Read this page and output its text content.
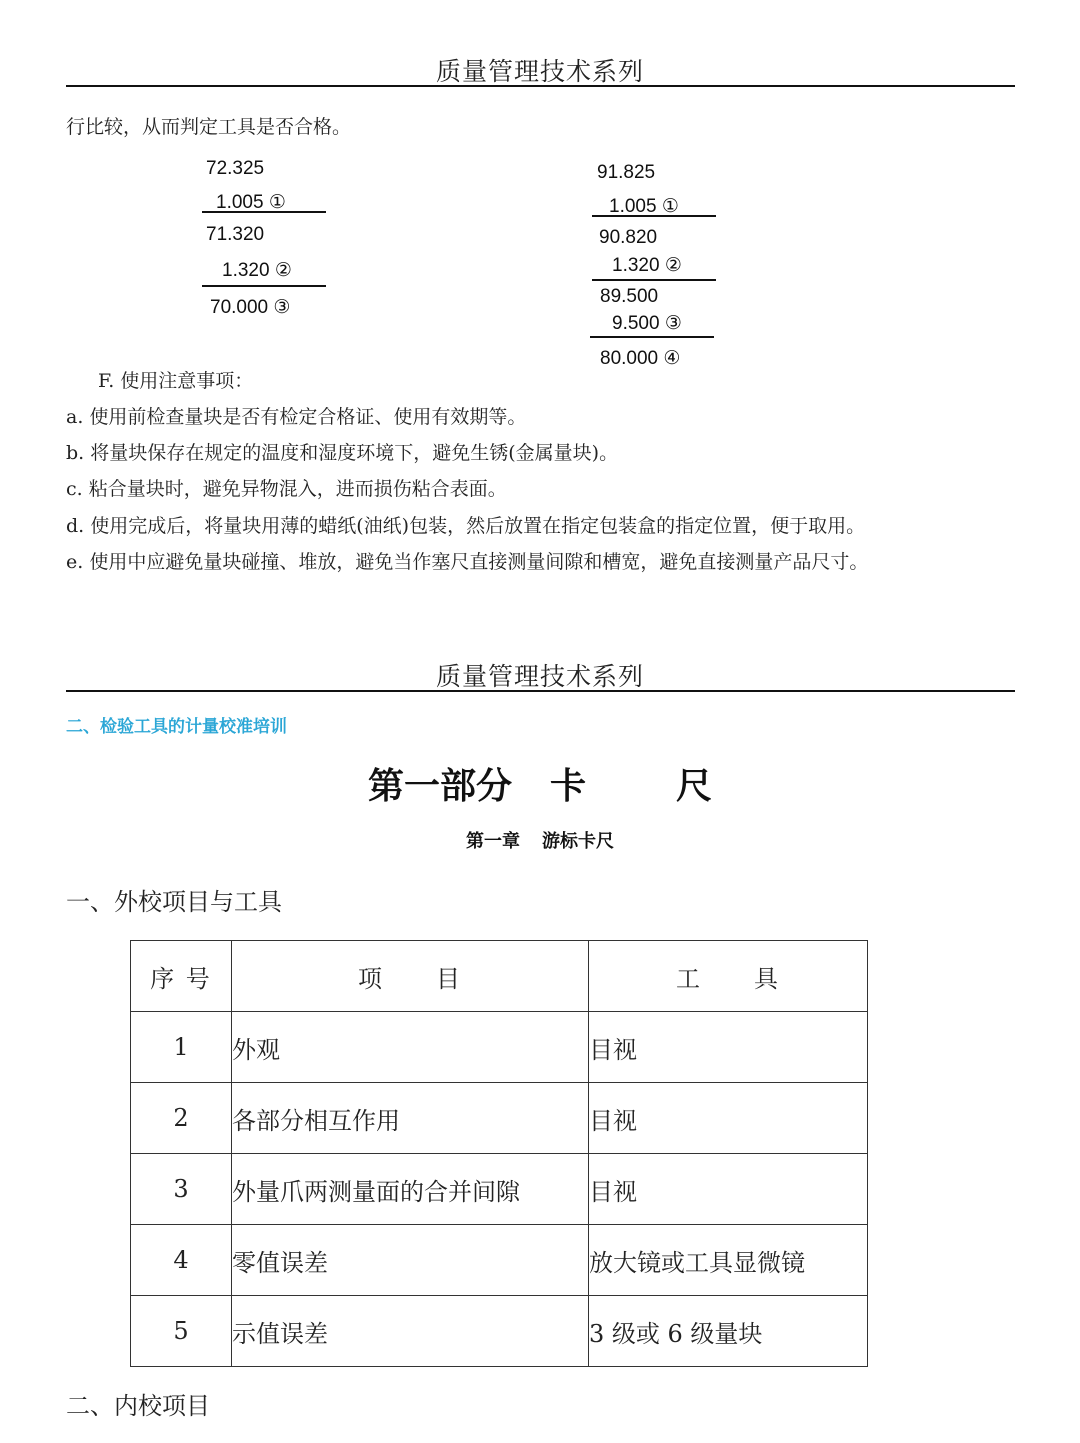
质量管理技术系列
行比较，从而判定工具是否合格。
72.325
1.005 ①
71.320
1.320 ②
70.000 ③
91.825
1.005 ①
90.820
1.320 ②
89.500
9.500 ③
80.000 ④
F. 使用注意事项：
a. 使用前检查量块是否有检定合格证、使用有效期等。
b. 将量块保存在规定的温度和湿度环境下，避免生锈(金属量块)。
c. 粘合量块时，避免异物混入，进而损伤粘合表面。
d. 使用完成后，将量块用薄的蜡纸(油纸)包装，然后放置在指定包装盒的指定位置，便于取用。
e. 使用中应避免量块碰撞、堆放，避免当作塞尺直接测量间隙和槽宽，避免直接测量产品尺寸。
质量管理技术系列
二、检验工具的计量校准培训
第一部分 卡	尺
第一章 游标卡尺
一、外校项目与工具
序 号	项　　目	工　　具
1	外观	目视
2	各部分相互作用	目视
3	外量爪两测量面的合并间隙	目视
4	零值误差	放大镜或工具显微镜
5	示值误差	3 级或 6 级量块
二、内校项目
